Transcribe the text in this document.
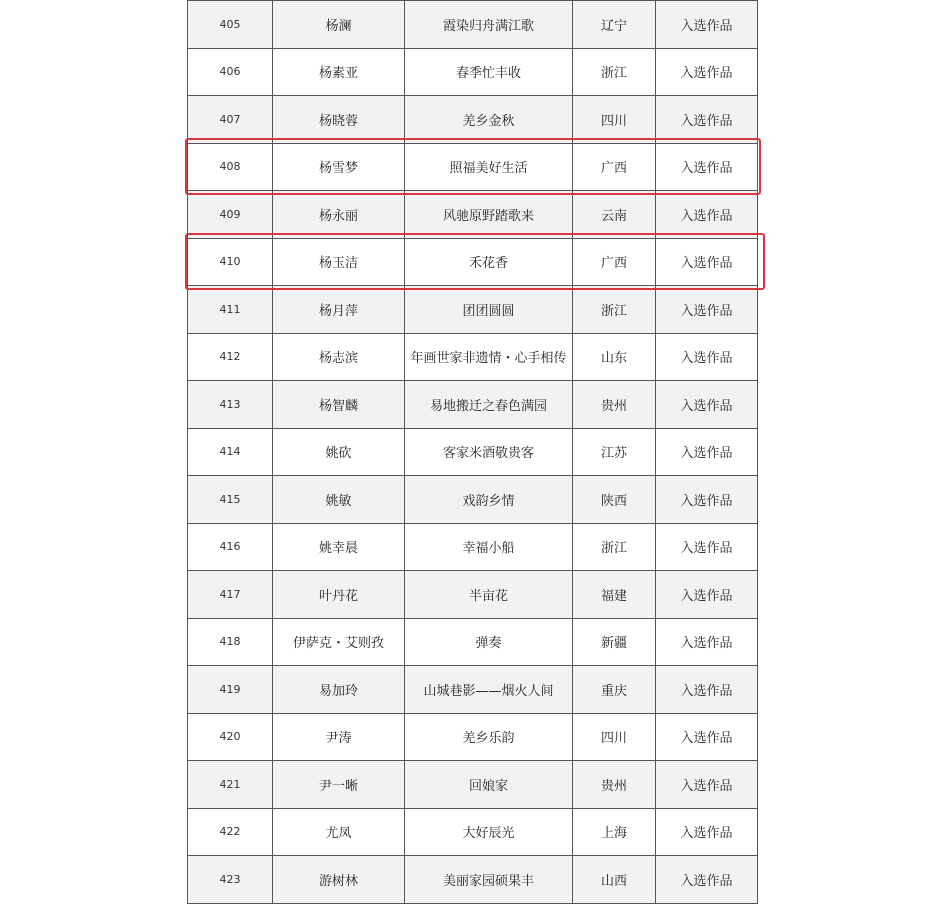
405	杨澜	霞染归舟满江歌	辽宁	入选作品
406	杨素亚	春季忙丰收	浙江	入选作品
407	杨晓蓉	羌乡金秋	四川	入选作品
408	杨雪梦	照福美好生活	广西	入选作品
409	杨永丽	风驰原野踏歌来	云南	入选作品
410	杨玉洁	禾花香	广西	入选作品
411	杨月萍	团团圆圆	浙江	入选作品
412	杨志滨	年画世家非遗情・心手相传	山东	入选作品
413	杨智麟	易地搬迁之春色满园	贵州	入选作品
414	姚砍	客家米酒敬贵客	江苏	入选作品
415	姚敏	戏韵乡情	陕西	入选作品
416	姚幸晨	幸福小船	浙江	入选作品
417	叶丹花	半亩花	福建	入选作品
418	伊萨克・艾则孜	弹奏	新疆	入选作品
419	易加玲	山城巷影——烟火人间	重庆	入选作品
420	尹涛	羌乡乐韵	四川	入选作品
421	尹一晰	回娘家	贵州	入选作品
422	尤凤	大好辰光	上海	入选作品
423	游树林	美丽家园硕果丰	山西	入选作品
